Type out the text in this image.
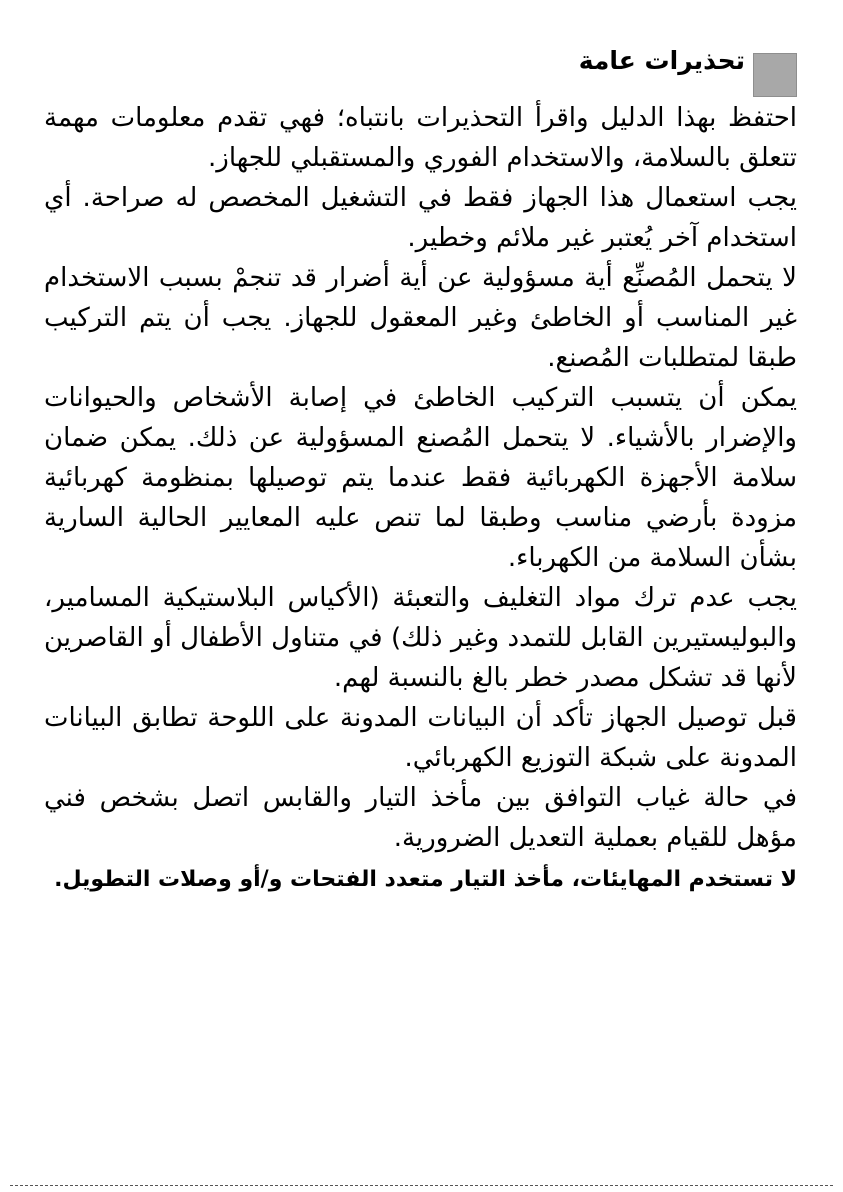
تحذيرات عامة

احتفظ بهذا الدليل واقرأ التحذيرات بانتباه؛ فهي تقدم معلومات مهمة تتعلق بالسلامة، والاستخدام الفوري والمستقبلي للجهاز.

يجب استعمال هذا الجهاز فقط في التشغيل المخصص له صراحة. أي استخدام آخر يُعتبر غير ملائم وخطير.

لا يتحمل المُصنِّع أية مسؤولية عن أية أضرار قد تنجمْ بسبب الاستخدام غير المناسب أو الخاطئ وغير المعقول للجهاز. يجب أن يتم التركيب طبقا لمتطلبات المُصنع.

يمكن أن يتسبب التركيب الخاطئ في إصابة الأشخاص والحيوانات والإضرار بالأشياء. لا يتحمل المُصنع المسؤولية عن ذلك. يمكن ضمان سلامة الأجهزة الكهربائية فقط عندما يتم توصيلها بمنظومة كهربائية مزودة بأرضي مناسب وطبقا لما تنص عليه المعايير الحالية السارية بشأن السلامة من الكهرباء.

يجب عدم ترك مواد التغليف والتعبئة (الأكياس البلاستيكية المسامير، والبوليستيرين القابل للتمدد وغير ذلك) في متناول الأطفال أو القاصرين لأنها قد تشكل مصدر خطر بالغ بالنسبة لهم.

قبل توصيل الجهاز تأكد أن البيانات المدونة على اللوحة تطابق البيانات المدونة على شبكة التوزيع الكهربائي.

في حالة غياب التوافق بين مأخذ التيار والقابس اتصل بشخص فني مؤهل للقيام بعملية التعديل الضرورية.

لا تستخدم المهايئات، مأخذ التيار متعدد الفتحات و/أو وصلات التطويل.
